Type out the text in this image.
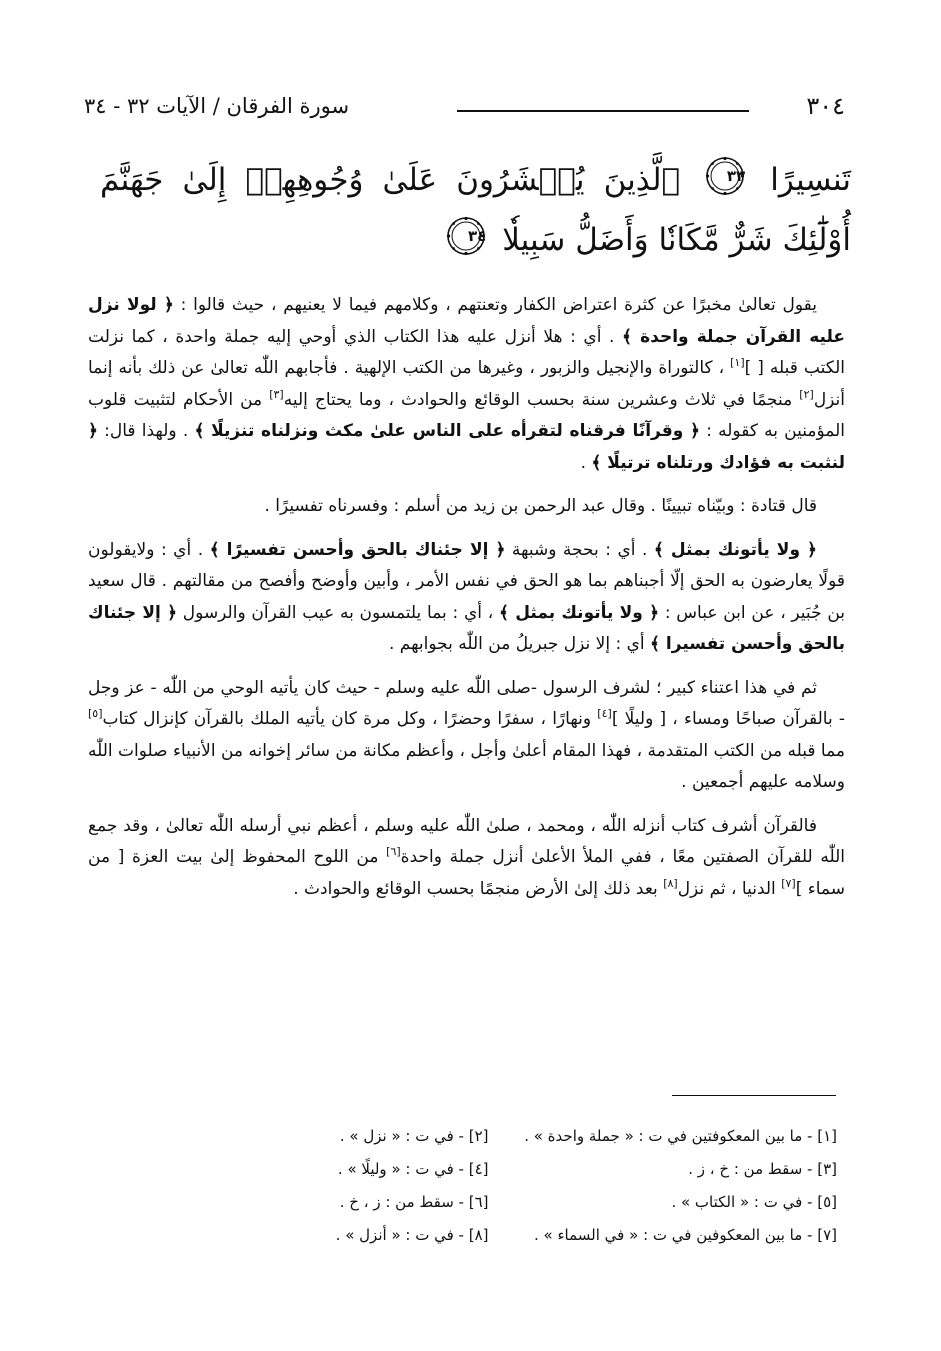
٣٠٤
سورة الفرقان / الآيات ٣٢ - ٣٤
تَنسِيرًا
٣٣
ٱلَّذِينَ يُحۡشَرُونَ عَلَىٰ وُجُوهِهِمۡ إِلَىٰ جَهَنَّمَ أُوْلَٰٓئِكَ شَرٌّ مَّكَانٗا وَأَضَلُّ سَبِيلٗا
٣٤

يقول تعالىٰ مخبرًا عن كثرة اعتراض الكفار وتعنتهم ، وكلامهم فيما لا يعنيهم ، حيث قالوا : ﴿ لولا نزل عليه القرآن جملة واحدة ﴾ . أي : هلا أنزل عليه هذا الكتاب الذي أوحي إليه جملة واحدة ، كما نزلت الكتب قبله [ ][١] ، كالتوراة والإنجيل والزبور ، وغيرها من الكتب الإلهية . فأجابهم اللّٰه تعالىٰ عن ذلك بأنه إنما أنزل[٢] منجمًا في ثلاث وعشرين سنة بحسب الوقائع والحوادث ، وما يحتاج إليه[٣] من الأحكام لتثبيت قلوب المؤمنين به كقوله : ﴿ وقرآنًا فرقناه لتقرأه على الناس علىٰ مكث ونزلناه تنزيلًا ﴾ . ولهذا قال: ﴿ لنثبت به فؤادك ورتلناه ترتيلًا ﴾ .

قال قتادة : وبيّناه تبيينًا . وقال عبد الرحمن بن زيد من أسلم : وفسرناه تفسيرًا .

﴿ ولا يأتونك بمثل ﴾ . أي : بحجة وشبهة ﴿ إلا جئناك بالحق وأحسن تفسيرًا ﴾ . أي : ولايقولون قولًا يعارضون به الحق إلّا أجبناهم بما هو الحق في نفس الأمر ، وأبين وأوضح وأفصح من مقالتهم . قال سعيد بن جُبَير ، عن ابن عباس : ﴿ ولا يأتونك بمثل ﴾ ، أي : بما يلتمسون به عيب القرآن والرسول ﴿ إلا جئناك بالحق وأحسن تفسيرا ﴾ أي : إلا نزل جبريلُ من اللّٰه بجوابهم .

ثم في هذا اعتناء كبير ؛ لشرف الرسول -صلى اللّٰه عليه وسلم - حيث كان يأتيه الوحي من اللّٰه - عز وجل - بالقرآن صباحًا ومساء ، [ وليلًا ][٤] ونهارًا ، سفرًا وحضرًا ، وكل مرة كان يأتيه الملك بالقرآن كإنزال كتاب[٥] مما قبله من الكتب المتقدمة ، فهذا المقام أعلىٰ وأجل ، وأعظم مكانة من سائر إخوانه من الأنبياء صلوات اللّٰه وسلامه عليهم أجمعين .

فالقرآن أشرف كتاب أنزله اللّٰه ، ومحمد ، صلىٰ اللّٰه عليه وسلم ، أعظم نبي أرسله اللّٰه تعالىٰ ، وقد جمع اللّٰه للقرآن الصفتين معًا ، ففي الملأ الأعلىٰ أنزل جملة واحدة[٦] من اللوح المحفوظ إلىٰ بيت العزة [ من سماء ][٧] الدنيا ، ثم نزل[٨] بعد ذلك إلىٰ الأرض منجمًا بحسب الوقائع والحوادث .

[١] - ما بين المعكوفتين في ت : « جملة واحدة » .
[٢] - في ت : « نزل » .
[٣] - سقط من : خ ، ز .
[٤] - في ت : « وليلًا » .
[٥] - في ت : « الكتاب » .
[٦] - سقط من : ز ، خ .
[٧] - ما بين المعكوفين في ت : « في السماء » .
[٨] - في ت : « أنزل » .
